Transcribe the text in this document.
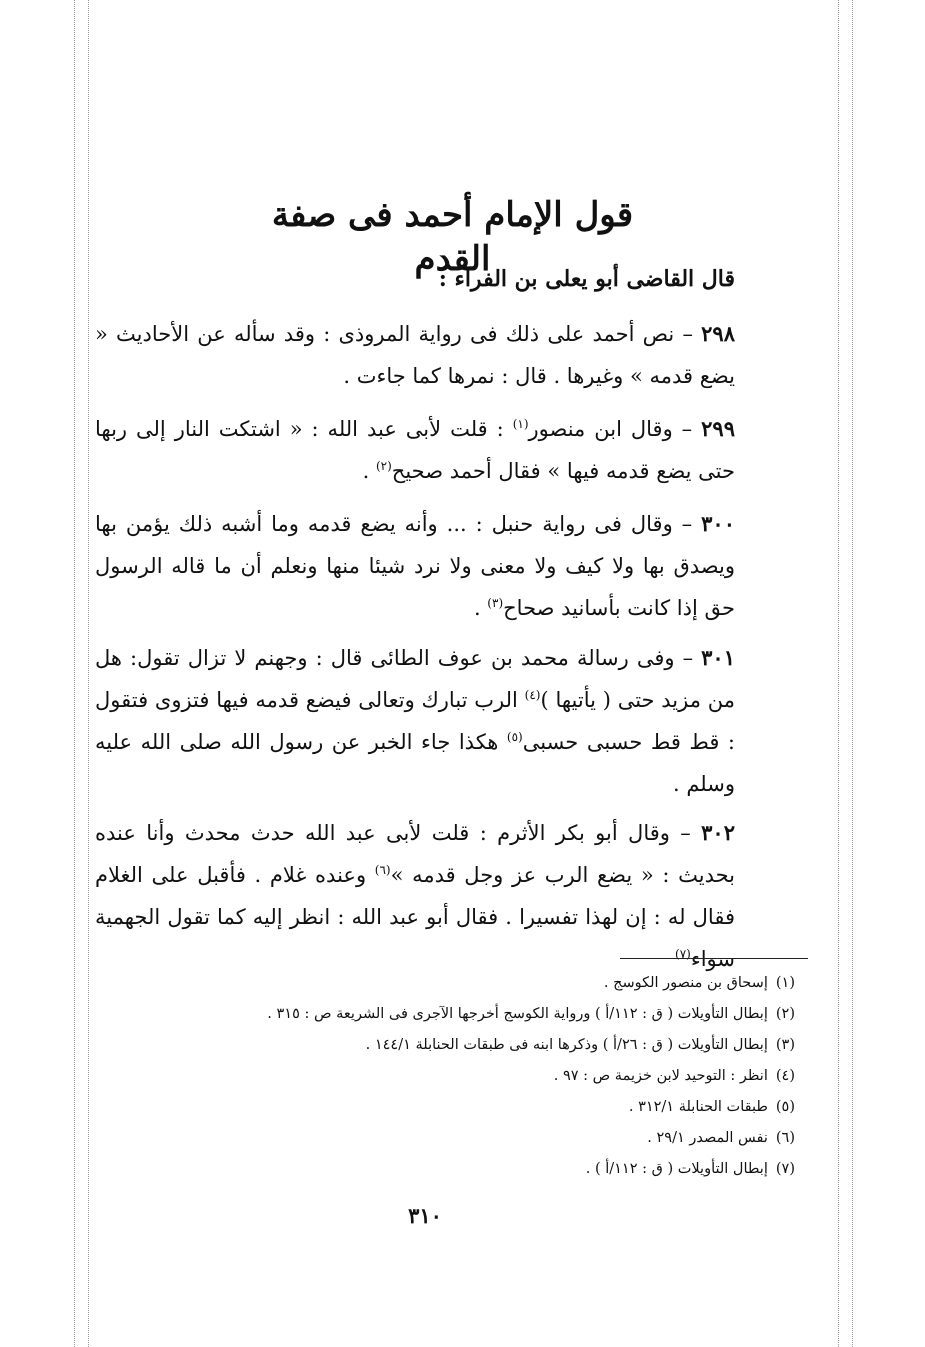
قول الإمام أحمد فى صفة القدم
قال القاضى أبو يعلى بن الفراء :
٢٩٨ – نص أحمد على ذلك فى رواية المروذى : وقد سأله عن الأحاديث « يضع قدمه » وغيرها . قال : نمرها كما جاءت .
٢٩٩ – وقال ابن منصور$^{(١)}$ : قلت لأبى عبد الله : « اشتكت النار إلى ربها حتى يضع قدمه فيها » فقال أحمد صحيح$^{(٢)}$ .
٣٠٠ – وقال فى رواية حنبل : ... وأنه يضع قدمه وما أشبه ذلك يؤمن بها ويصدق بها ولا كيف ولا معنى ولا نرد شيئا منها ونعلم أن ما قاله الرسول حق إذا كانت بأسانيد صحاح$^{(٣)}$ .
٣٠١ – وفى رسالة محمد بن عوف الطائى قال : وجهنم لا تزال تقول: هل من مزيد حتى ( يأتيها )$^{(٤)}$ الرب تبارك وتعالى فيضع قدمه فيها فتزوى فتقول : قط قط حسبى حسبى$^{(٥)}$ هكذا جاء الخبر عن رسول الله صلى الله عليه وسلم .
٣٠٢ – وقال أبو بكر الأثرم : قلت لأبى عبد الله حدث محدث وأنا عنده بحديث : « يضع الرب عز وجل قدمه »$^{(٦)}$ وعنده غلام . فأقبل على الغلام فقال له : إن لهذا تفسيرا . فقال أبو عبد الله : انظر إليه كما تقول الجهمية سواء$^{(٧)}$
(١)إسحاق بن منصور الكوسج .
(٢)إبطال التأويلات ( ق : ١١٢/أ ) ورواية الكوسج أخرجها الآجرى فى الشريعة ص : ٣١٥ .
(٣)إبطال التأويلات ( ق : ٢٦/أ ) وذكرها ابنه فى طبقات الحنابلة ١٤٤/١ .
(٤)انظر : التوحيد لابن خزيمة ص : ٩٧ .
(٥)طبقات الحنابلة ٣١٢/١ .
(٦)نفس المصدر ٢٩/١ .
(٧)إبطال التأويلات ( ق : ١١٢/أ ) .
٣١٠
